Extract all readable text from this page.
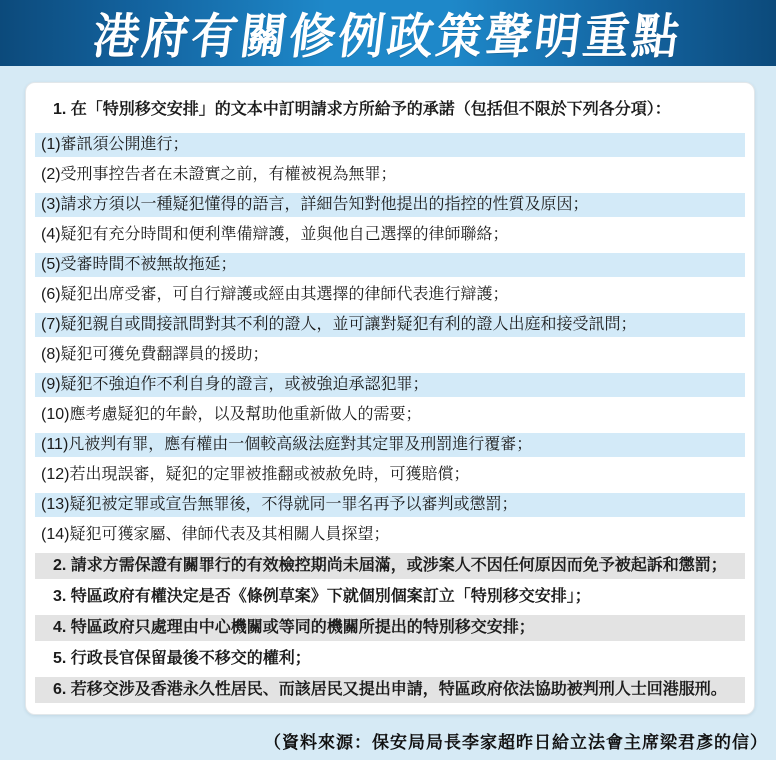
港府有關修例政策聲明重點
1. 在「特別移交安排」的文本中訂明請求方所給予的承諾（包括但不限於下列各分項）：
(1)審訊須公開進行；
(2)受刑事控告者在未證實之前，有權被視為無罪；
(3)請求方須以一種疑犯懂得的語言，詳細告知對他提出的指控的性質及原因；
(4)疑犯有充分時間和便利準備辯護，並與他自己選擇的律師聯絡；
(5)受審時間不被無故拖延；
(6)疑犯出席受審，可自行辯護或經由其選擇的律師代表進行辯護；
(7)疑犯親自或間接訊問對其不利的證人，並可讓對疑犯有利的證人出庭和接受訊問；
(8)疑犯可獲免費翻譯員的援助；
(9)疑犯不強迫作不利自身的證言，或被強迫承認犯罪；
(10)應考慮疑犯的年齡，以及幫助他重新做人的需要；
(11)凡被判有罪，應有權由一個較高級法庭對其定罪及刑罰進行覆審；
(12)若出現誤審，疑犯的定罪被推翻或被赦免時，可獲賠償；
(13)疑犯被定罪或宣告無罪後，不得就同一罪名再予以審判或懲罰；
(14)疑犯可獲家屬、律師代表及其相關人員探望；
2. 請求方需保證有關罪行的有效檢控期尚未屆滿，或涉案人不因任何原因而免予被起訴和懲罰；
3. 特區政府有權決定是否《條例草案》下就個別個案訂立「特別移交安排」；
4. 特區政府只處理由中心機關或等同的機關所提出的特別移交安排；
5. 行政長官保留最後不移交的權利；
6. 若移交涉及香港永久性居民、而該居民又提出申請，特區政府依法協助被判刑人士回港服刑。
（資料來源：保安局局長李家超昨日給立法會主席梁君彥的信）
